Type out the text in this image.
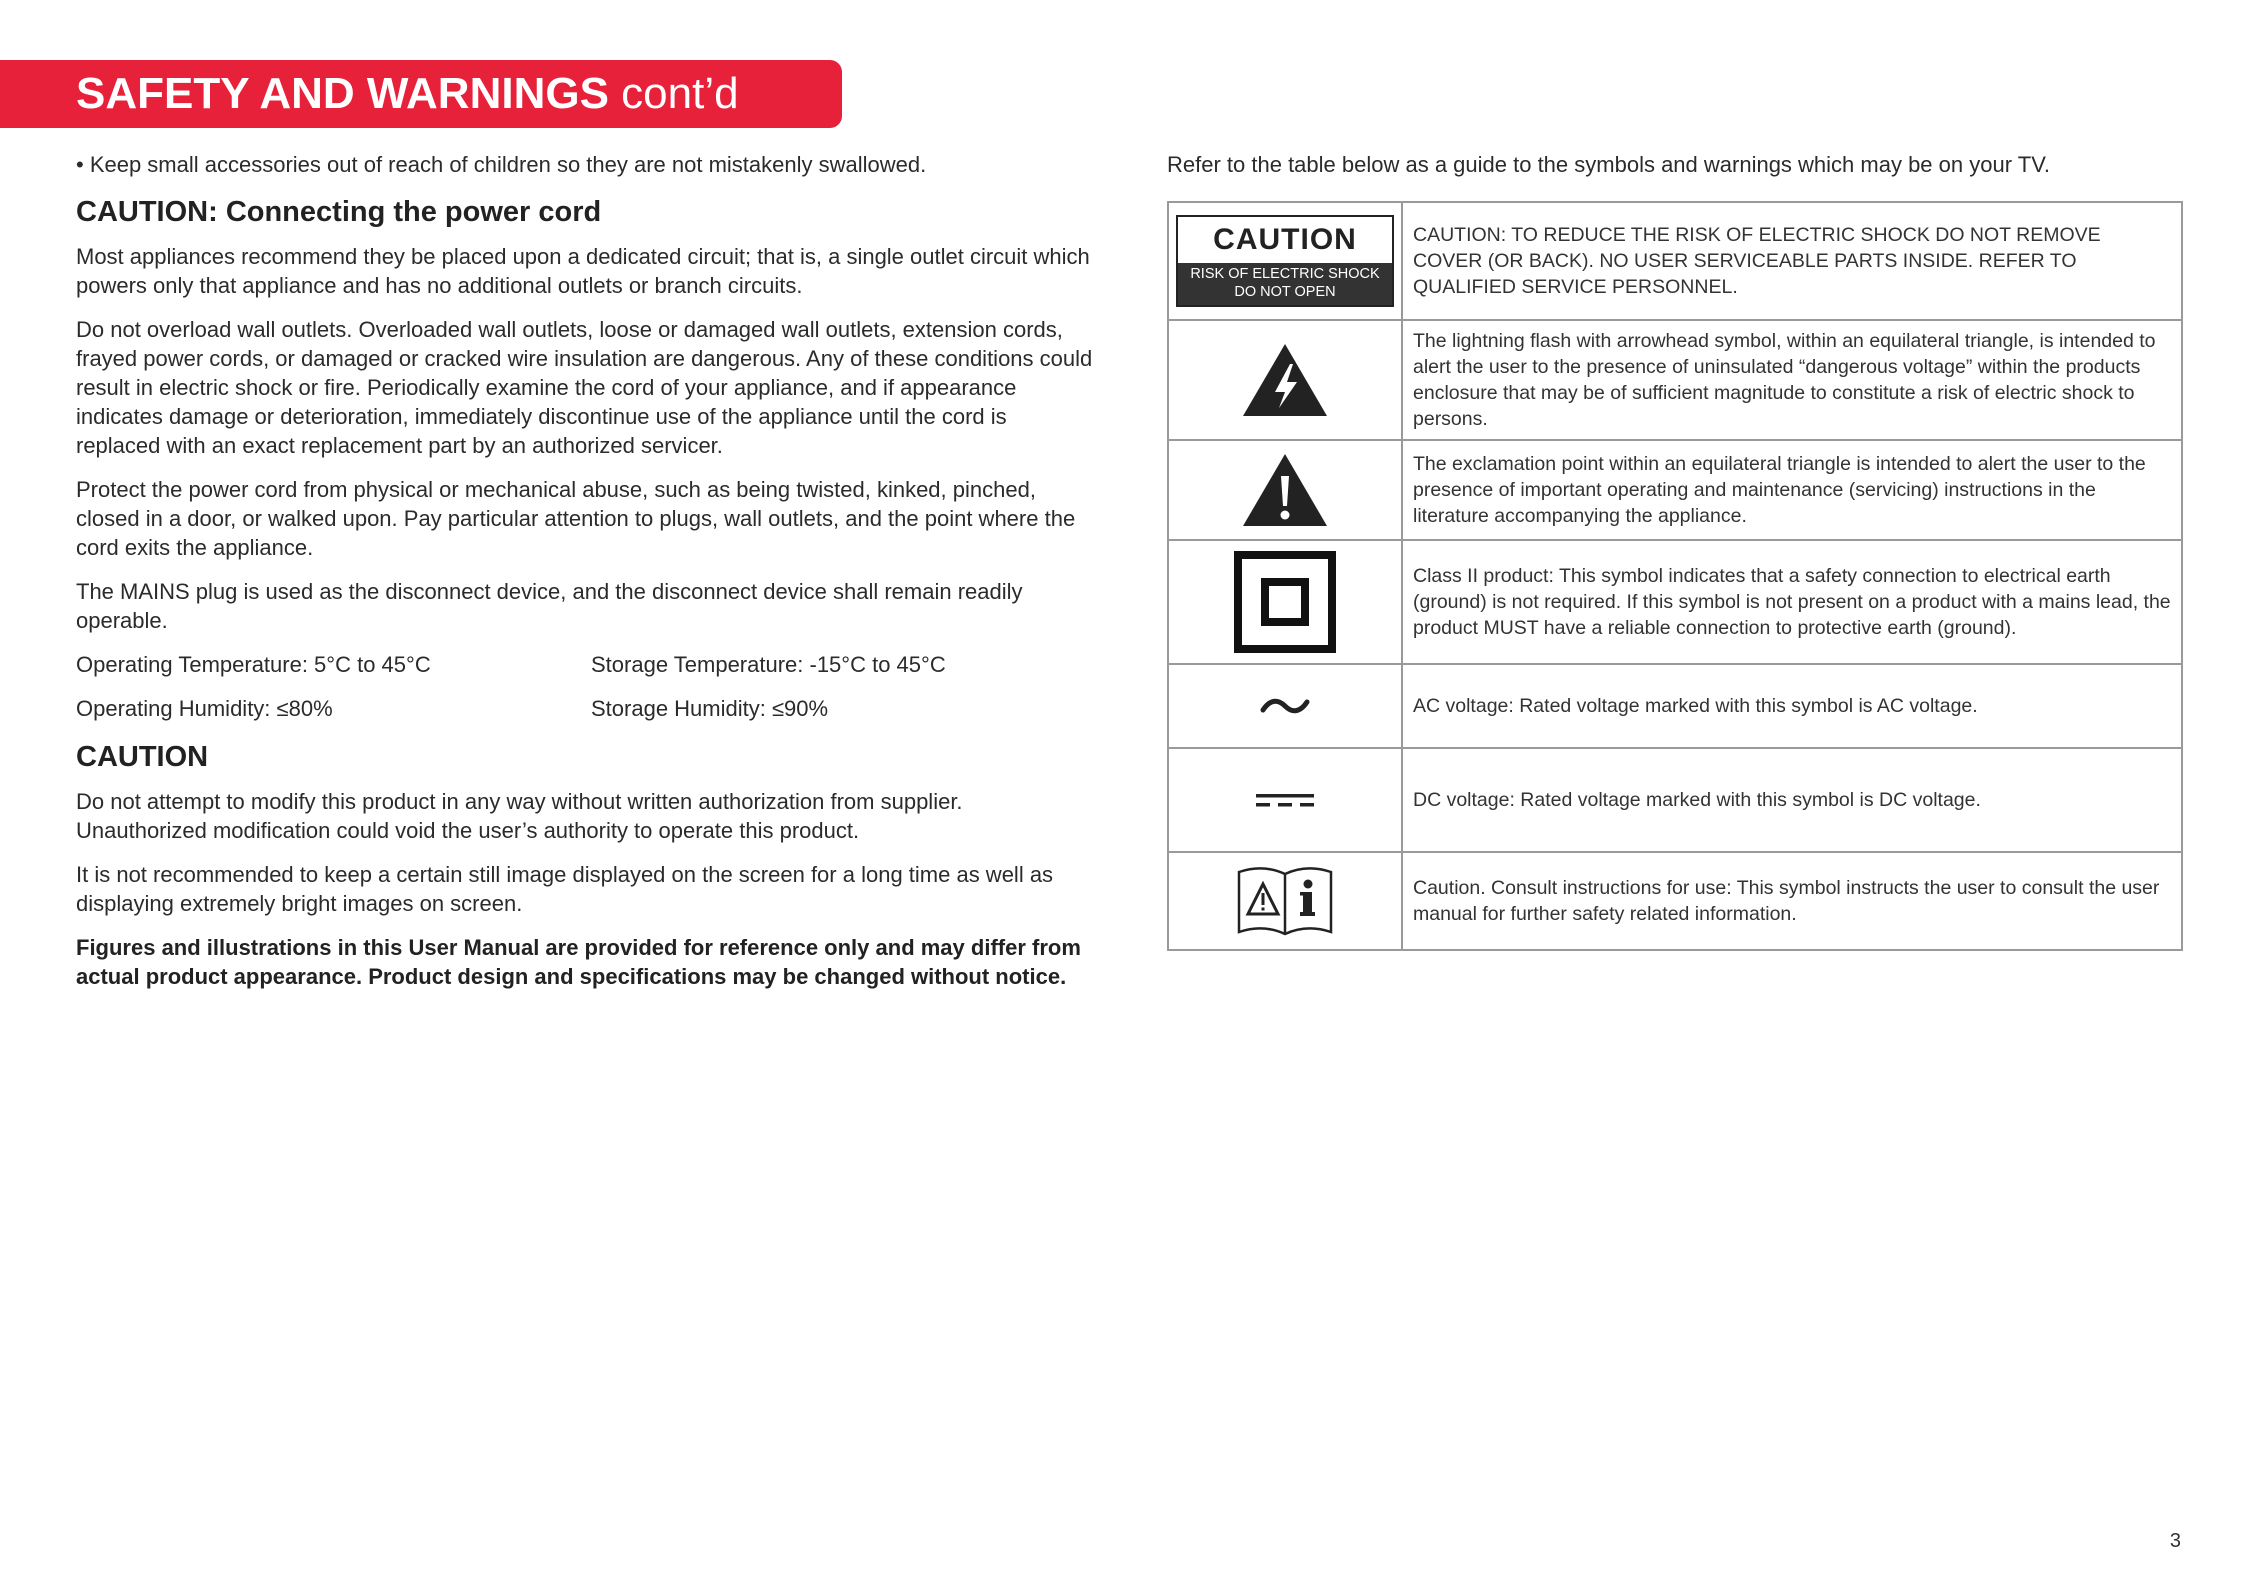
SAFETY AND WARNINGS cont’d

• Keep small accessories out of reach of children so they are not mistakenly swallowed.

CAUTION: Connecting the power cord

Most appliances recommend they be placed upon a dedicated circuit; that is, a single outlet circuit which powers only that appliance and has no additional outlets or branch circuits.

Do not overload wall outlets. Overloaded wall outlets, loose or damaged wall outlets, extension cords, frayed power cords, or damaged or cracked wire insulation are dangerous. Any of these conditions could result in electric shock or fire. Periodically examine the cord of your appliance, and if appearance indicates damage or deterioration, immediately discontinue use of the appliance until the cord is replaced with an exact replacement part by an authorized servicer.

Protect the power cord from physical or mechanical abuse, such as being twisted, kinked, pinched, closed in a door, or walked upon. Pay particular attention to plugs, wall outlets, and the point where the cord exits the appliance.

The MAINS plug is used as the disconnect device, and the disconnect device shall remain readily operable.

Operating Temperature: 5°C to 45°C	Storage Temperature: -15°C to 45°C
Operating Humidity: ≤80%	Storage Humidity: ≤90%
CAUTION

Do not attempt to modify this product in any way without written authorization from supplier. Unauthorized modification could void the user’s authority to operate this product.

It is not recommended to keep a certain still image displayed on the screen for a long time as well as displaying extremely bright images on screen.

Figures and illustrations in this User Manual are provided for reference only and may differ from actual product appearance. Product design and specifications may be changed without notice.

Refer to the table below as a guide to the symbols and warnings which may be on your TV.

CAUTION
RISK OF ELECTRIC SHOCK
DO NOT OPEN	CAUTION: TO REDUCE THE RISK OF ELECTRIC SHOCK DO NOT REMOVE COVER (OR BACK). NO USER SERVICEABLE PARTS INSIDE. REFER TO QUALIFIED SERVICE PERSONNEL.

	The lightning flash with arrowhead symbol, within an equilateral triangle, is intended to alert the user to the presence of uninsulated “dangerous voltage” within the products enclosure that may be of sufficient magnitude to constitute a risk of electric shock to persons.

	The exclamation point within an equilateral triangle is intended to alert the user to the presence of important operating and maintenance (servicing) instructions in the literature accompanying the appliance.

	Class II product: This symbol indicates that a safety connection to electrical earth (ground) is not required. If this symbol is not present on a product with a mains lead, the product MUST have a reliable connection to protective earth (ground).

	AC voltage: Rated voltage marked with this symbol is AC voltage.

	DC voltage: Rated voltage marked with this symbol is DC voltage.

	Caution. Consult instructions for use: This symbol instructs the user to consult the user manual for further safety related information.
3
